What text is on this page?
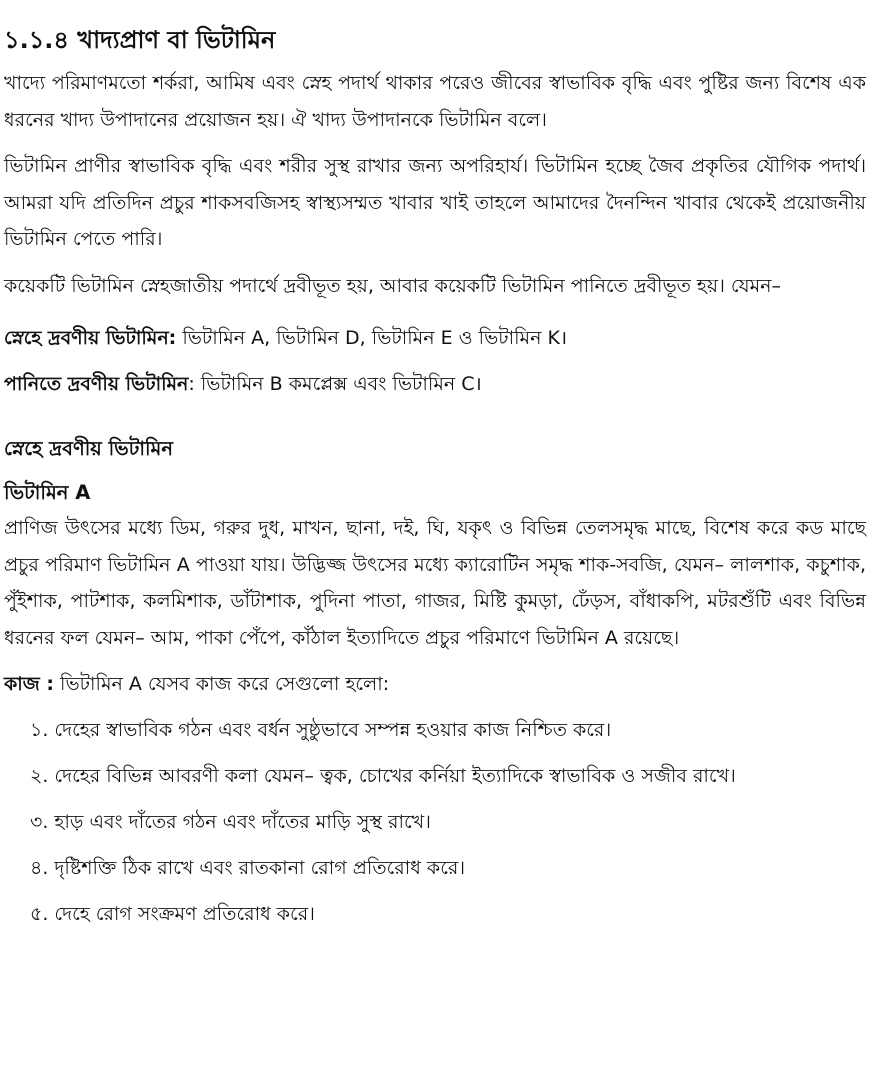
১.১.৪ খাদ্যপ্রাণ বা ভিটামিন

খাদ্যে পরিমাণমতো শর্করা, আমিষ এবং স্নেহ পদার্থ থাকার পরেও জীবের স্বাভাবিক বৃদ্ধি এবং পুষ্টির জন্য বিশেষ এক ধরনের খাদ্য উপাদানের প্রয়োজন হয়। ঐ খাদ্য উপাদানকে ভিটামিন বলে।

ভিটামিন প্রাণীর স্বাভাবিক বৃদ্ধি এবং শরীর সুস্থ রাখার জন্য অপরিহার্য। ভিটামিন হচ্ছে জৈব প্রকৃতির যৌগিক পদার্থ। আমরা যদি প্রতিদিন প্রচুর শাকসবজিসহ স্বাস্থ্যসম্মত খাবার খাই তাহলে আমাদের দৈনন্দিন খাবার থেকেই প্রয়োজনীয় ভিটামিন পেতে পারি।

কয়েকটি ভিটামিন স্নেহজাতীয় পদার্থে দ্রবীভূত হয়, আবার কয়েকটি ভিটামিন পানিতে দ্রবীভূত হয়। যেমন–

স্নেহে দ্রবণীয় ভিটামিন: ভিটামিন A, ভিটামিন D, ভিটামিন E ও ভিটামিন K।
পানিতে দ্রবণীয় ভিটামিন: ভিটামিন B কমপ্লেক্স এবং ভিটামিন C।
স্নেহে দ্রবণীয় ভিটামিন
ভিটামিন A

প্রাণিজ উৎসের মধ্যে ডিম, গরুর দুধ, মাখন, ছানা, দই, ঘি, যকৃৎ ও বিভিন্ন তেলসমৃদ্ধ মাছে, বিশেষ করে কড মাছে প্রচুর পরিমাণ ভিটামিন A পাওয়া যায়। উদ্ভিজ্জ উৎসের মধ্যে ক্যারোটিন সমৃদ্ধ শাক-সবজি, যেমন– লালশাক, কচুশাক, পুঁইশাক, পাটশাক, কলমিশাক, ডাঁটাশাক, পুদিনা পাতা, গাজর, মিষ্টি কুমড়া, ঢেঁড়স, বাঁধাকপি, মটরশুঁটি এবং বিভিন্ন ধরনের ফল যেমন– আম, পাকা পেঁপে, কাঁঠাল ইত্যাদিতে প্রচুর পরিমাণে ভিটামিন A রয়েছে।

কাজ : ভিটামিন A যেসব কাজ করে সেগুলো হলো:
১. দেহের স্বাভাবিক গঠন এবং বর্ধন সুষ্ঠুভাবে সম্পন্ন হওয়ার কাজ নিশ্চিত করে।
২. দেহের বিভিন্ন আবরণী কলা যেমন– ত্বক, চোখের কর্নিয়া ইত্যাদিকে স্বাভাবিক ও সজীব রাখে।
৩. হাড় এবং দাঁতের গঠন এবং দাঁতের মাড়ি সুস্থ রাখে।
৪. দৃষ্টিশক্তি ঠিক রাখে এবং রাতকানা রোগ প্রতিরোধ করে।
৫. দেহে রোগ সংক্রমণ প্রতিরোধ করে।
